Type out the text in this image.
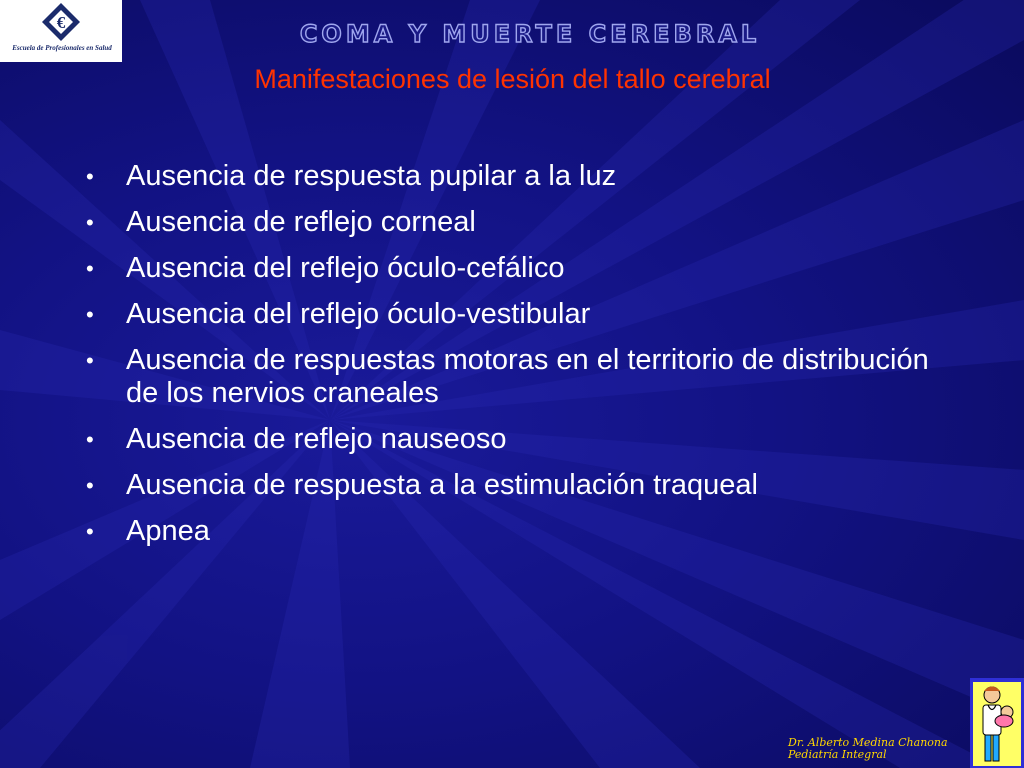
€
Escuela de Profesionales en Salud	COMA Y MUERTE CEREBRAL
Manifestaciones de lesión del tallo cerebral
•	Ausencia de respuesta pupilar a la luz
•	Ausencia de reflejo corneal
•	Ausencia del reflejo óculo-cefálico
•	Ausencia del reflejo óculo-vestibular
•	Ausencia de respuestas motoras en el territorio de distribución de los nervios craneales
•	Ausencia de reflejo nauseoso
•	Ausencia de respuesta a la estimulación traqueal
•	Apnea
Dr. Alberto Medina Chanona
Pediatría Integral
